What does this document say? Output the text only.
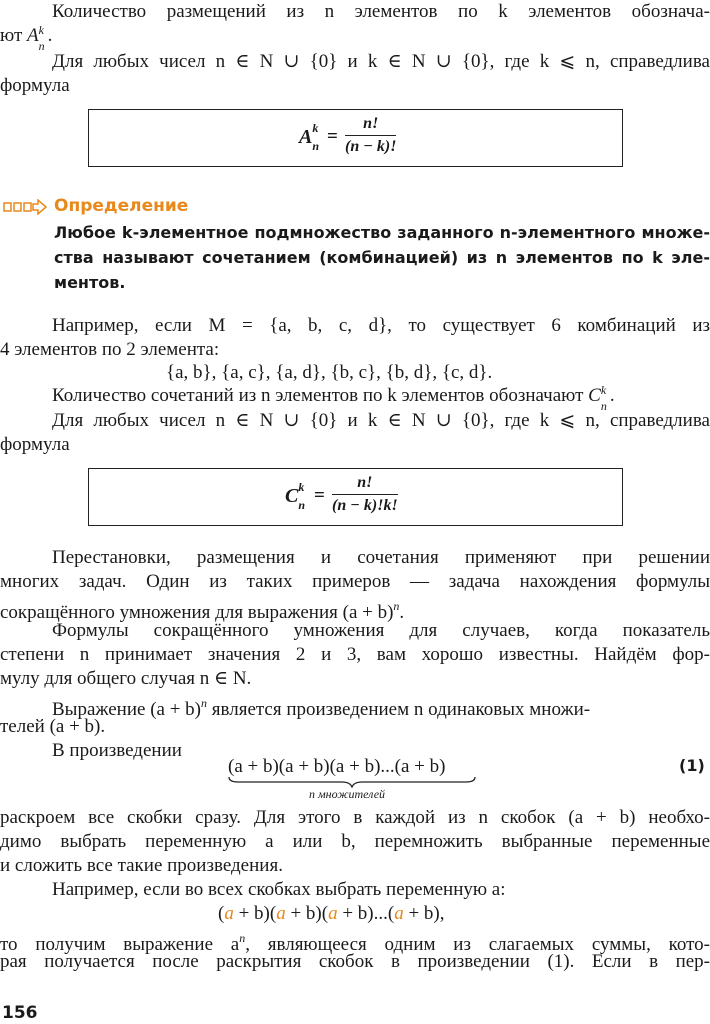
Количество размещений из n элементов по k элементов обознача-
ют A k
n .
Для любых чисел n ∈ N ∪ {0} и k ∈ N ∪ {0}, где k ⩽ n, справедлива
формула
A k
$n = \frac{n!}{(n - k)!}$
Определение
Любое k-элементное подмножество заданного n-элементного множе-
ства называют сочетанием (комбинацией) из n элементов по k эле-
ментов.
Например, если M = {a, b, c, d}, то существует 6 комбинаций из
4 элементов по 2 элемента:
{a, b}, {a, c}, {a, d}, {b, c}, {b, d}, {c, d}.
Количество сочетаний из n элементов по k элементов обозначают C k
n .
Для любых чисел n ∈ N ∪ {0} и k ∈ N ∪ {0}, где k ⩽ n, справедлива
формула
C k
$n = \frac{n!}{(n - k)!k!}$
Перестановки, размещения и сочетания применяют при решении
многих задач. Один из таких примеров — задача нахождения формулы
сокращённого умножения для выражения $(a + b)^n$.
Формулы сокращённого умножения для случаев, когда показатель
степени n принимает значения 2 и 3, вам хорошо известны. Найдём фор-
мулу для общего случая n ∈ N.
Выражение $(a + b)^n$ является произведением n одинаковых множи-
телей (a + b).
В произведении
(a + b)(a + b)(a + b)...(a + b)
n множителей
(1)
раскроем все скобки сразу. Для этого в каждой из n скобок (a + b) необхо-
димо выбрать переменную a или b, перемножить выбранные переменные
и сложить все такие произведения.
Например, если во всех скобках выбрать переменную a:
(a + b)(a + b)(a + b)...(a + b),
то получим выражение $a^n$, являющееся одним из слагаемых суммы, кото-
рая получается после раскрытия скобок в произведении (1). Если в пер-
156
